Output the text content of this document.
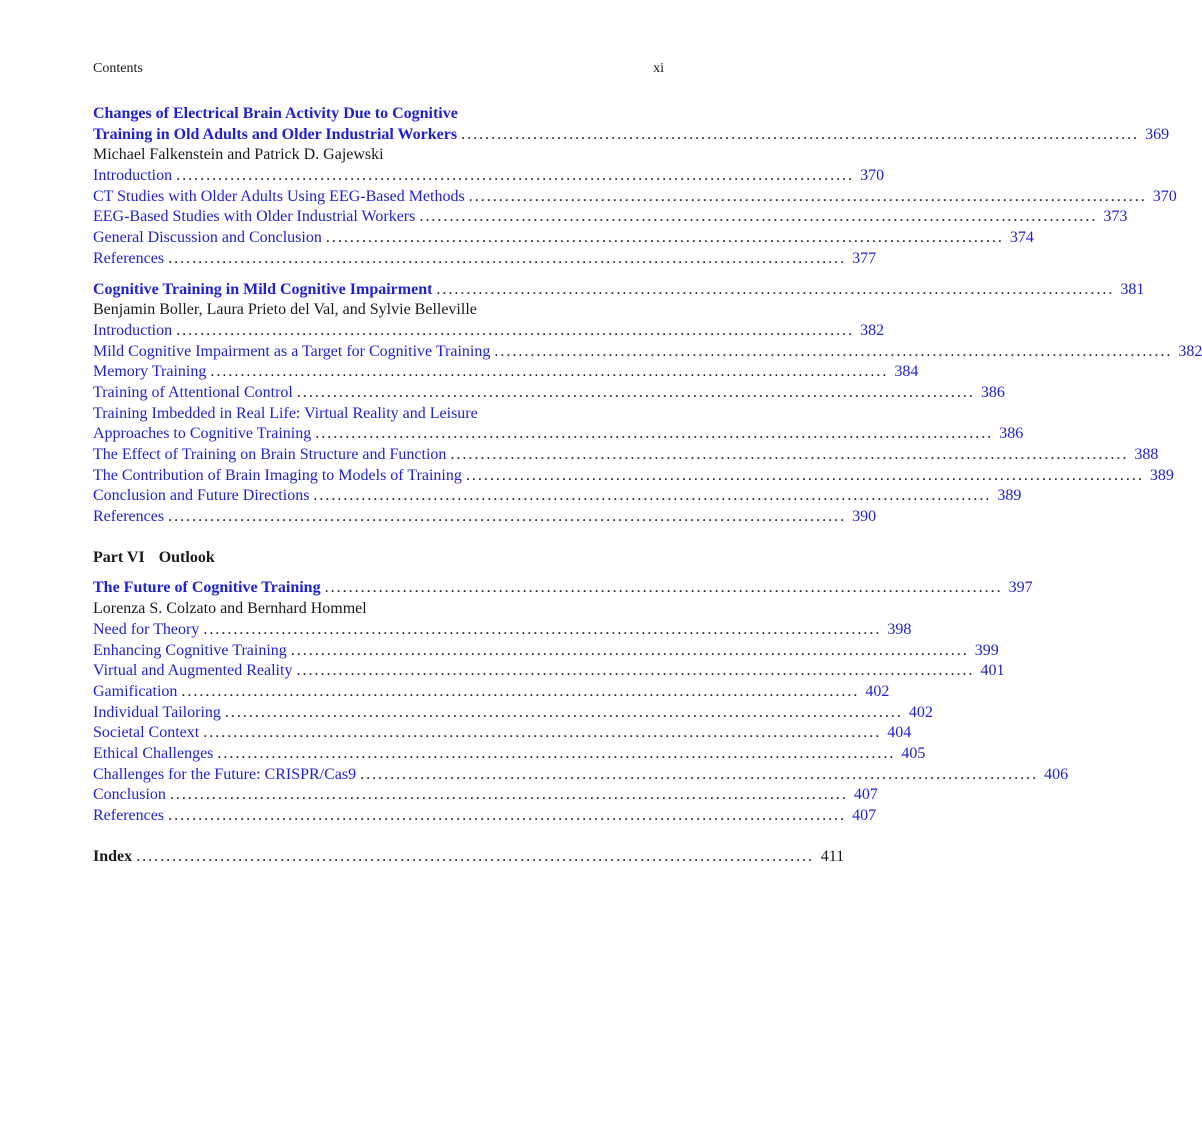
Contents	xi
Changes of Electrical Brain Activity Due to Cognitive
Training in Old Adults and Older Industrial Workers ................................................................................................................. 369
Michael Falkenstein and Patrick D. Gajewski
Introduction ................................................................................................................. 370
CT Studies with Older Adults Using EEG-Based Methods ................................................................................................................. 370
EEG-Based Studies with Older Industrial Workers ................................................................................................................. 373
General Discussion and Conclusion ................................................................................................................. 374
References ................................................................................................................. 377
Cognitive Training in Mild Cognitive Impairment ................................................................................................................. 381
Benjamin Boller, Laura Prieto del Val, and Sylvie Belleville
Introduction ................................................................................................................. 382
Mild Cognitive Impairment as a Target for Cognitive Training ................................................................................................................. 382
Memory Training ................................................................................................................. 384
Training of Attentional Control ................................................................................................................. 386
Training Imbedded in Real Life: Virtual Reality and Leisure
Approaches to Cognitive Training ................................................................................................................. 386
The Effect of Training on Brain Structure and Function ................................................................................................................. 388
The Contribution of Brain Imaging to Models of Training ................................................................................................................. 389
Conclusion and Future Directions ................................................................................................................. 389
References ................................................................................................................. 390
Part VI Outlook
The Future of Cognitive Training ................................................................................................................. 397
Lorenza S. Colzato and Bernhard Hommel
Need for Theory ................................................................................................................. 398
Enhancing Cognitive Training ................................................................................................................. 399
Virtual and Augmented Reality ................................................................................................................. 401
Gamification ................................................................................................................. 402
Individual Tailoring ................................................................................................................. 402
Societal Context ................................................................................................................. 404
Ethical Challenges ................................................................................................................. 405
Challenges for the Future: CRISPR/Cas9 ................................................................................................................. 406
Conclusion ................................................................................................................. 407
References ................................................................................................................. 407
Index ................................................................................................................. 411
